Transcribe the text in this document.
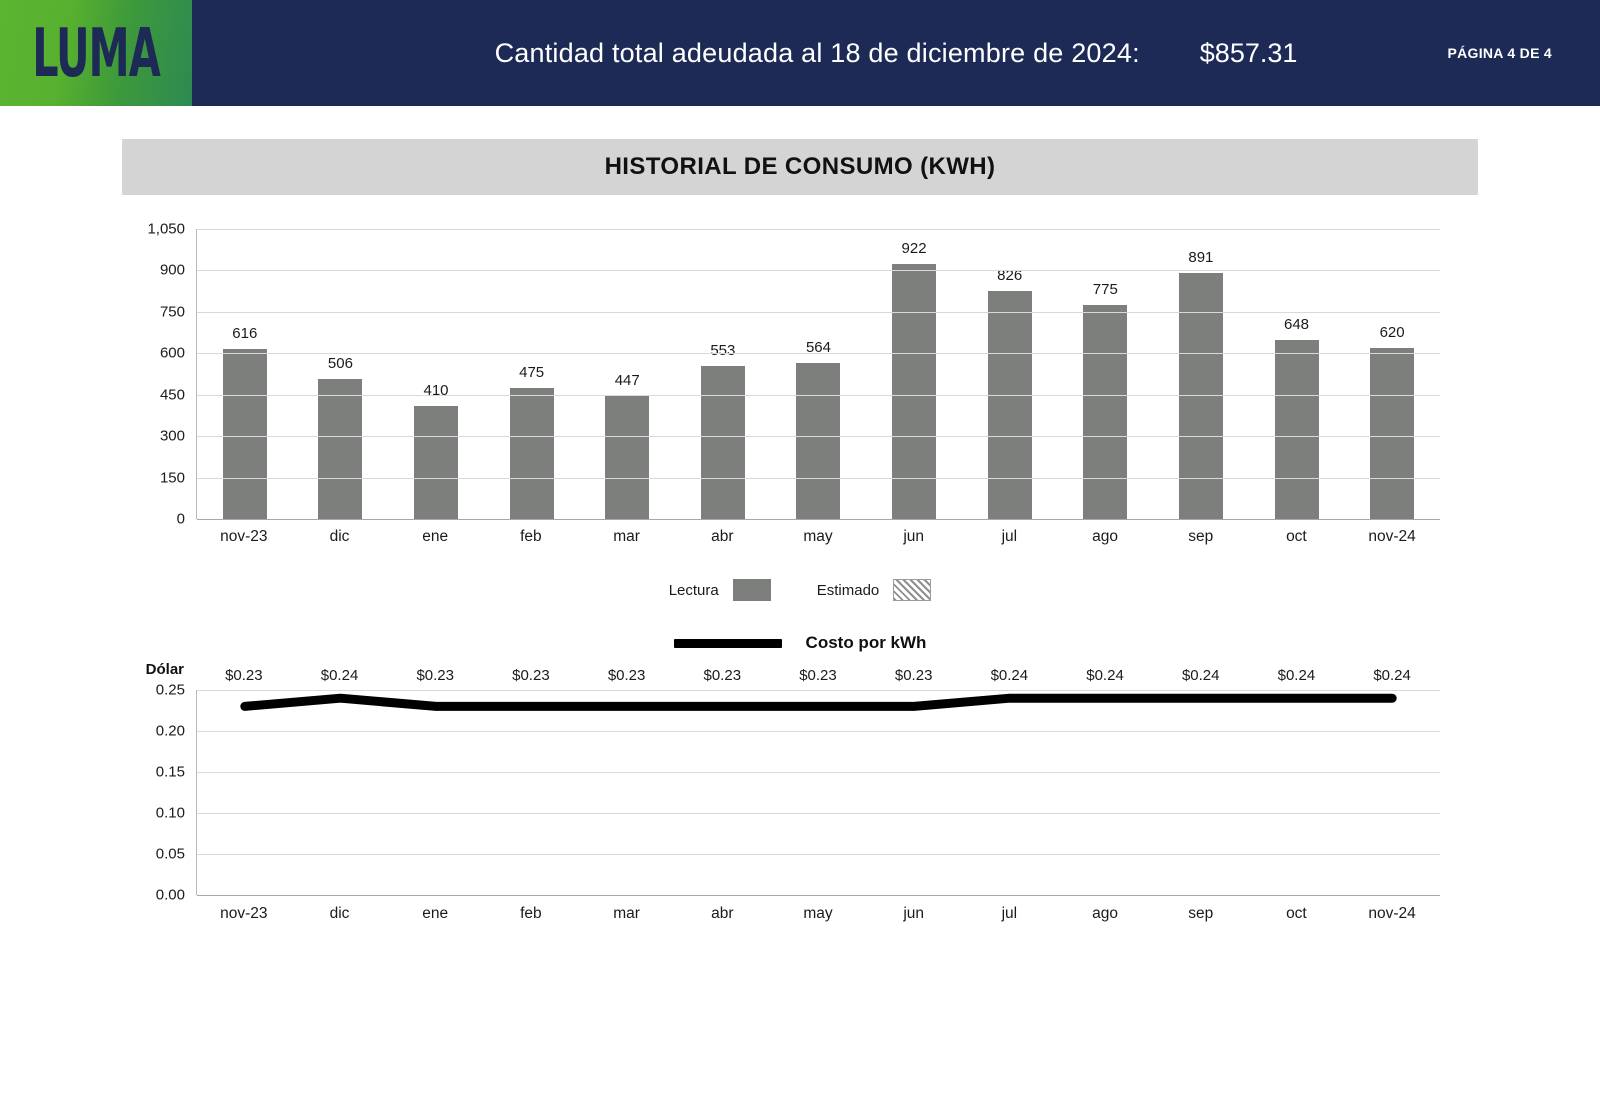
LUMA	Cantidad total adeudada al 18 de diciembre de 2024: $857.31	PÁGINA 4 DE 4
HISTORIAL DE CONSUMO (KWH)
616
506
410
475	447
553	564
922
826
775
891
648	620
0
150
300
450
600
750
900
1,050
nov-23	dic	ene	feb	mar	abr	may	jun	jul	ago	sep	oct	nov-24
Lectura	Estimado
Costo por kWh
Dólar	$0.23	$0.24	$0.23	$0.23	$0.23	$0.23	$0.23	$0.23	$0.24	$0.24	$0.24	$0.24	$0.24
0.00
0.05
0.10
0.15
0.20
0.25
nov-23	dic	ene	feb	mar	abr	may	jun	jul	ago	sep	oct	nov-24
